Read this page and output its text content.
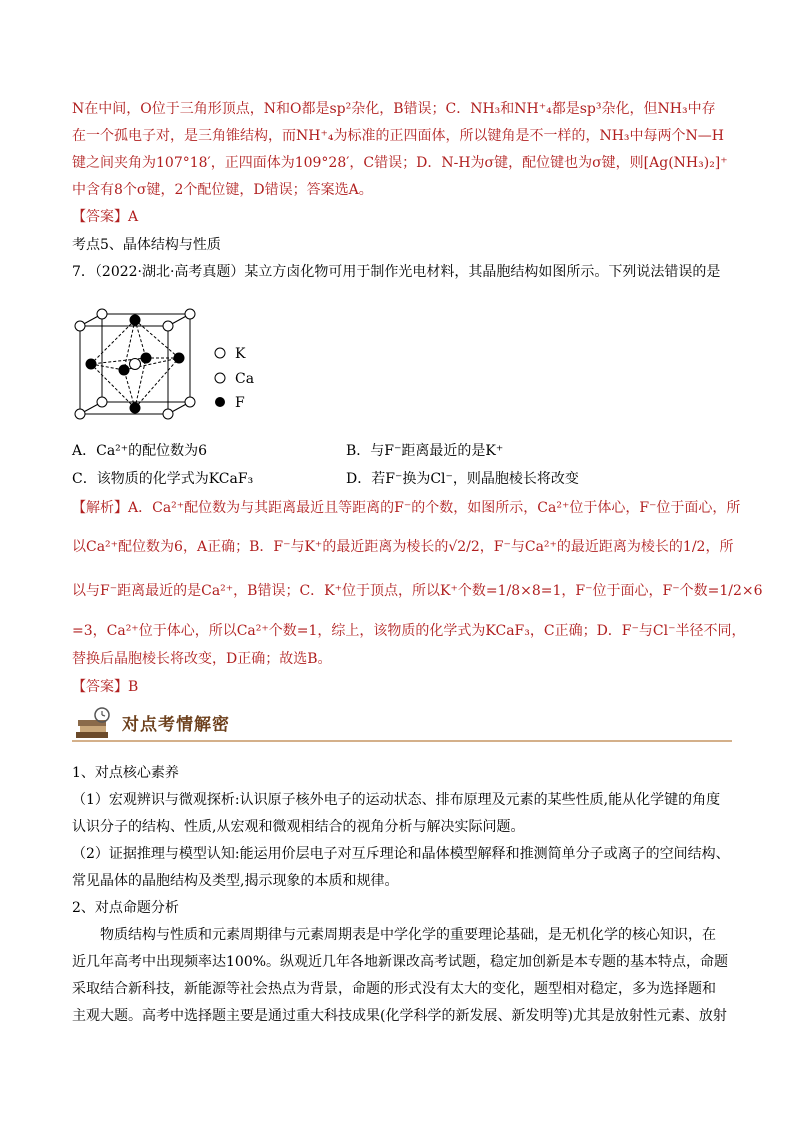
N在中间，O位于三角形顶点，N和O都是sp²杂化，B错误；C．NH₃和NH⁺₄都是sp³杂化，但NH₃中存
在一个孤电子对，是三角锥结构，而NH⁺₄为标准的正四面体，所以键角是不一样的，NH₃中每两个N—H
键之间夹角为107°18′，正四面体为109°28′，C错误；D．N-H为σ键，配位键也为σ键，则[Ag(NH₃)₂]⁺
中含有8个σ键，2个配位键，D错误；答案选A。
【答案】A
考点5、晶体结构与性质
7．（2022·湖北·高考真题）某立方卤化物可用于制作光电材料，其晶胞结构如图所示。下列说法错误的是
K
Ca
F
A．Ca²⁺的配位数为6	B．与F⁻距离最近的是K⁺
C．该物质的化学式为KCaF₃	D．若F⁻换为Cl⁻，则晶胞棱长将改变
【解析】A．Ca²⁺配位数为与其距离最近且等距离的F⁻的个数，如图所示，Ca²⁺位于体心，F⁻位于面心，所
以Ca²⁺配位数为6，A正确；B．F⁻与K⁺的最近距离为棱长的√2/2，F⁻与Ca²⁺的最近距离为棱长的1/2，所
以与F⁻距离最近的是Ca²⁺，B错误；C．K⁺位于顶点，所以K⁺个数=1/8×8=1，F⁻位于面心，F⁻个数=1/2×6
=3，Ca²⁺位于体心，所以Ca²⁺个数=1，综上，该物质的化学式为KCaF₃，C正确；D．F⁻与Cl⁻半径不同，
替换后晶胞棱长将改变，D正确；故选B。
【答案】B
对点考情解密
1、对点核心素养
（1）宏观辨识与微观探析:认识原子核外电子的运动状态、排布原理及元素的某些性质,能从化学键的角度
认识分子的结构、性质,从宏观和微观相结合的视角分析与解决实际问题。
（2）证据推理与模型认知:能运用价层电子对互斥理论和晶体模型解释和推测简单分子或离子的空间结构、
常见晶体的晶胞结构及类型,揭示现象的本质和规律。
2、对点命题分析
物质结构与性质和元素周期律与元素周期表是中学化学的重要理论基础，是无机化学的核心知识，在
近几年高考中出现频率达100%。纵观近几年各地新课改高考试题，稳定加创新是本专题的基本特点，命题
采取结合新科技，新能源等社会热点为背景，命题的形式没有太大的变化，题型相对稳定，多为选择题和
主观大题。高考中选择题主要是通过重大科技成果(化学科学的新发展、新发明等)尤其是放射性元素、放射
